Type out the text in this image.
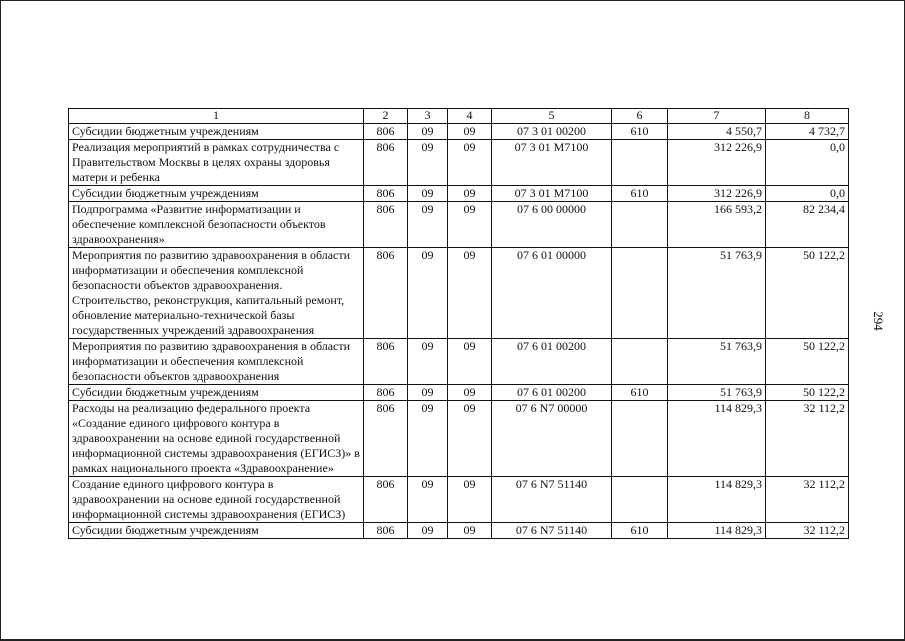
1	2	3	4	5	6	7	8
Субсидии бюджетным учреждениям	806	09	09	07 3 01 00200	610	4 550,7	4 732,7
Реализация мероприятий в рамках сотрудничества с Правительством Москвы в целях охраны здоровья матери и ребенка	806	09	09	07 3 01 M7100		312 226,9	0,0
Субсидии бюджетным учреждениям	806	09	09	07 3 01 M7100	610	312 226,9	0,0
Подпрограмма «Развитие информатизации и обеспечение комплексной безопасности объектов здравоохранения»	806	09	09	07 6 00 00000		166 593,2	82 234,4
Мероприятия по развитию здравоохранения в области информатизации и обеспечения комплексной безопасности объектов здравоохранения. Строительство, реконструкция, капитальный ремонт, обновление материально-технической базы государственных учреждений здравоохранения	806	09	09	07 6 01 00000		51 763,9	50 122,2
Мероприятия по развитию здравоохранения в области информатизации и обеспечения комплексной безопасности объектов здравоохранения	806	09	09	07 6 01 00200		51 763,9	50 122,2
Субсидии бюджетным учреждениям	806	09	09	07 6 01 00200	610	51 763,9	50 122,2
Расходы на реализацию федерального проекта «Создание единого цифрового контура в здравоохранении на основе единой государственной информационной системы здравоохранения (ЕГИСЗ)» в рамках национального проекта «Здравоохранение»	806	09	09	07 6 N7 00000		114 829,3	32 112,2
Создание единого цифрового контура в здравоохранении на основе единой государственной информационной системы здравоохранения (ЕГИСЗ)	806	09	09	07 6 N7 51140		114 829,3	32 112,2
Субсидии бюджетным учреждениям	806	09	09	07 6 N7 51140	610	114 829,3	32 112,2
294
